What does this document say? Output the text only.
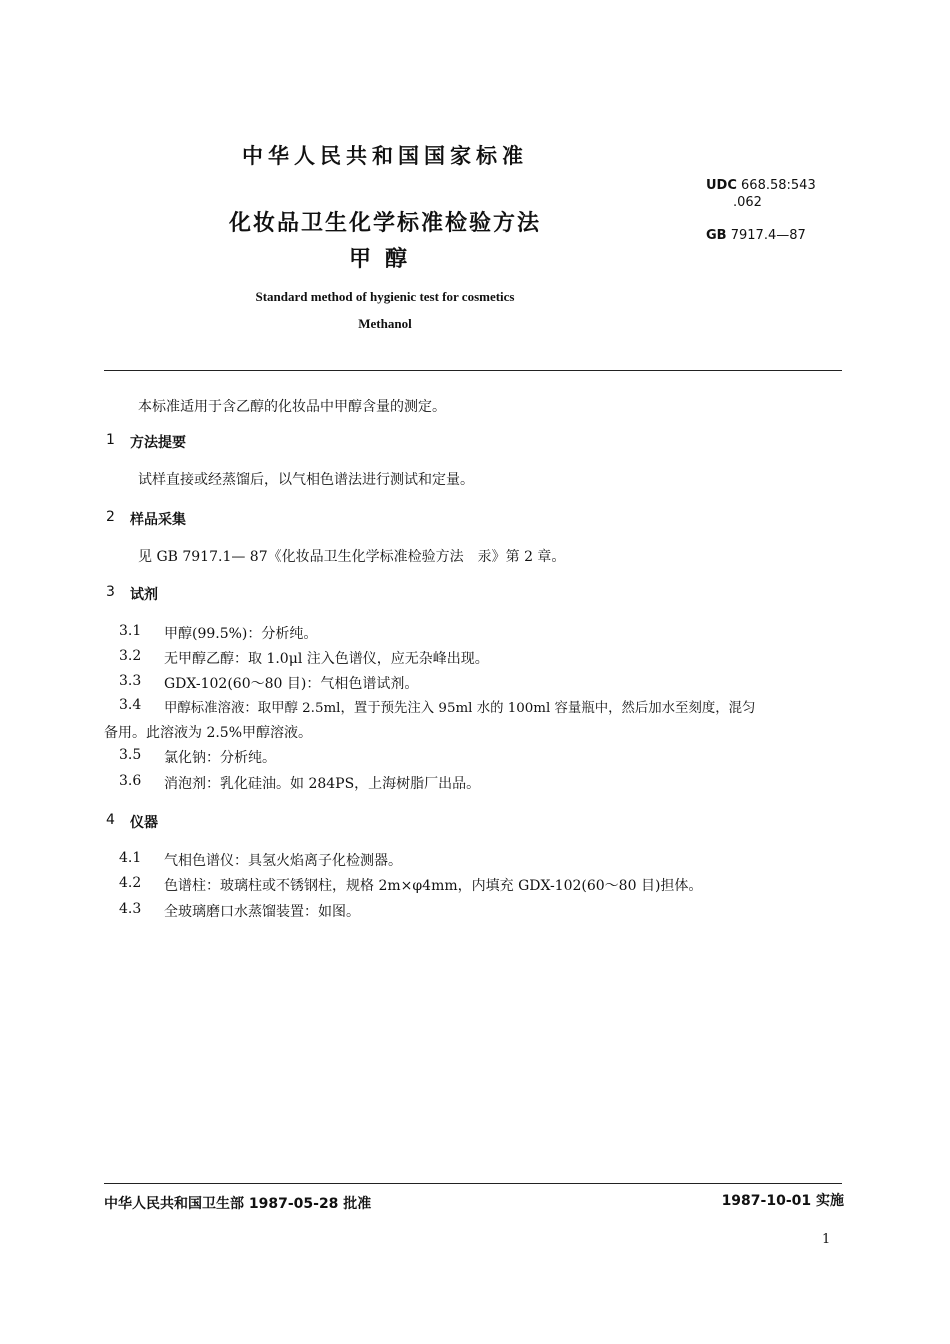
中华人民共和国国家标准
UDC 668.58:543
.062
GB 7917.4—87
化妆品卫生化学标准检验方法
甲醇
Standard method of hygienic test for cosmetics
Methanol
本标准适用于含乙醇的化妆品中甲醇含量的测定。
1 方法提要
试样直接或经蒸馏后，以气相色谱法进行测试和定量。
2 样品采集
见 GB 7917.1— 87《化妆品卫生化学标准检验方法　汞》第 2 章。
3 试剂
3.1 甲醇(99.5%)：分析纯。
3.2 无甲醇乙醇：取 1.0μl 注入色谱仪，应无杂峰出现。
3.3 GDX-102(60～80 目)：气相色谱试剂。
3.4 甲醇标准溶液：取甲醇 2.5ml，置于预先注入 95ml 水的 100ml 容量瓶中，然后加水至刻度，混匀
备用。此溶液为 2.5%甲醇溶液。
3.5 氯化钠：分析纯。
3.6 消泡剂：乳化硅油。如 284PS，上海树脂厂出品。
4 仪器
4.1 气相色谱仪：具氢火焰离子化检测器。
4.2 色谱柱：玻璃柱或不锈钢柱，规格 2m×φ4mm，内填充 GDX-102(60～80 目)担体。
4.3 全玻璃磨口水蒸馏装置：如图。
中华人民共和国卫生部 1987-05-28 批准	1987-10-01 实施
1
